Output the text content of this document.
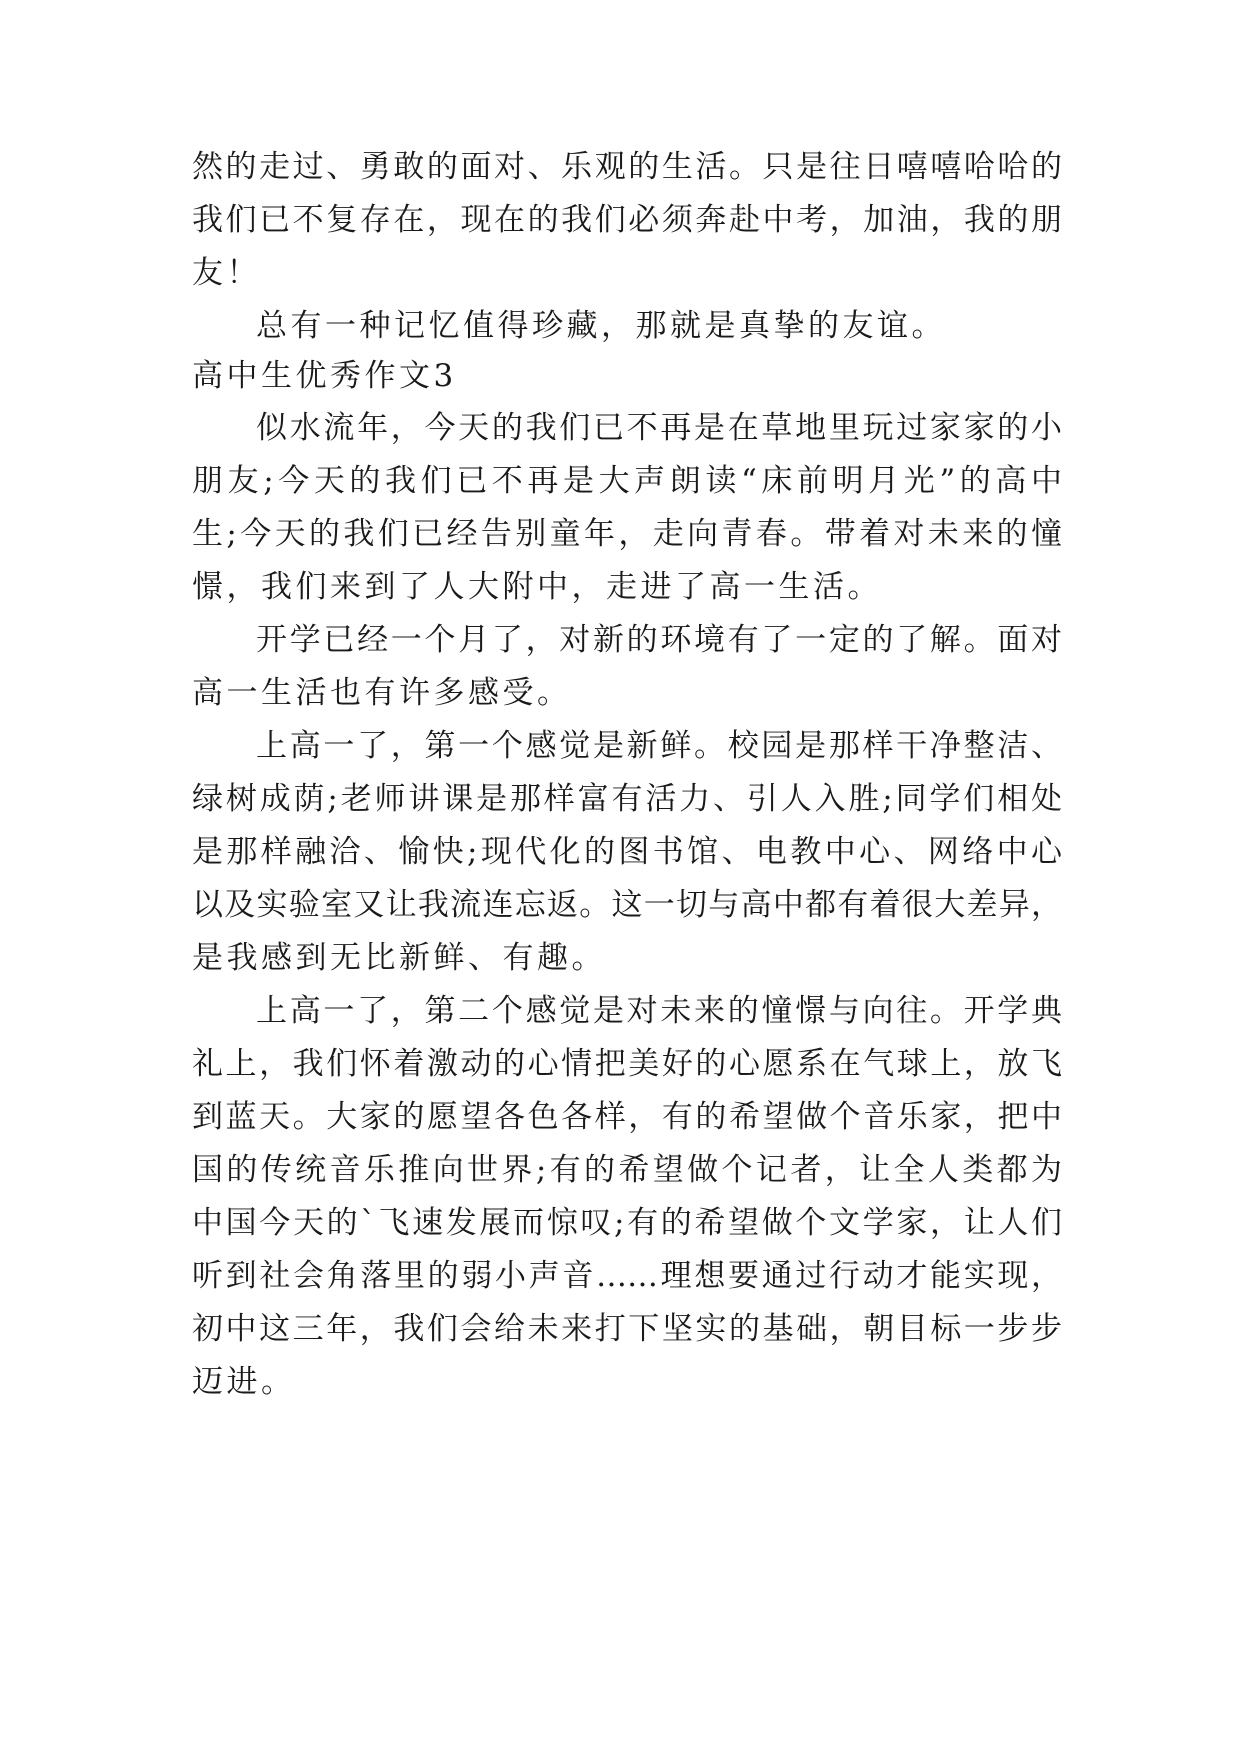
然的走过、勇敢的面对、乐观的生活。只是往日嘻嘻哈哈的

我们已不复存在，现在的我们必须奔赴中考，加油，我的朋

友！

总有一种记忆值得珍藏，那就是真挚的友谊。

高中生优秀作文3

似水流年，今天的我们已不再是在草地里玩过家家的小

朋友;今天的我们已不再是大声朗读“床前明月光”的高中

生;今天的我们已经告别童年，走向青春。带着对未来的憧

憬，我们来到了人大附中，走进了高一生活。

开学已经一个月了，对新的环境有了一定的了解。面对

高一生活也有许多感受。

上高一了，第一个感觉是新鲜。校园是那样干净整洁、

绿树成荫;老师讲课是那样富有活力、引人入胜;同学们相处

是那样融洽、愉快;现代化的图书馆、电教中心、网络中心

以及实验室又让我流连忘返。这一切与高中都有着很大差异，

是我感到无比新鲜、有趣。

上高一了，第二个感觉是对未来的憧憬与向往。开学典

礼上，我们怀着激动的心情把美好的心愿系在气球上，放飞

到蓝天。大家的愿望各色各样，有的希望做个音乐家，把中

国的传统音乐推向世界;有的希望做个记者，让全人类都为

中国今天的`飞速发展而惊叹;有的希望做个文学家，让人们

听到社会角落里的弱小声音……理想要通过行动才能实现，

初中这三年，我们会给未来打下坚实的基础，朝目标一步步

迈进。
